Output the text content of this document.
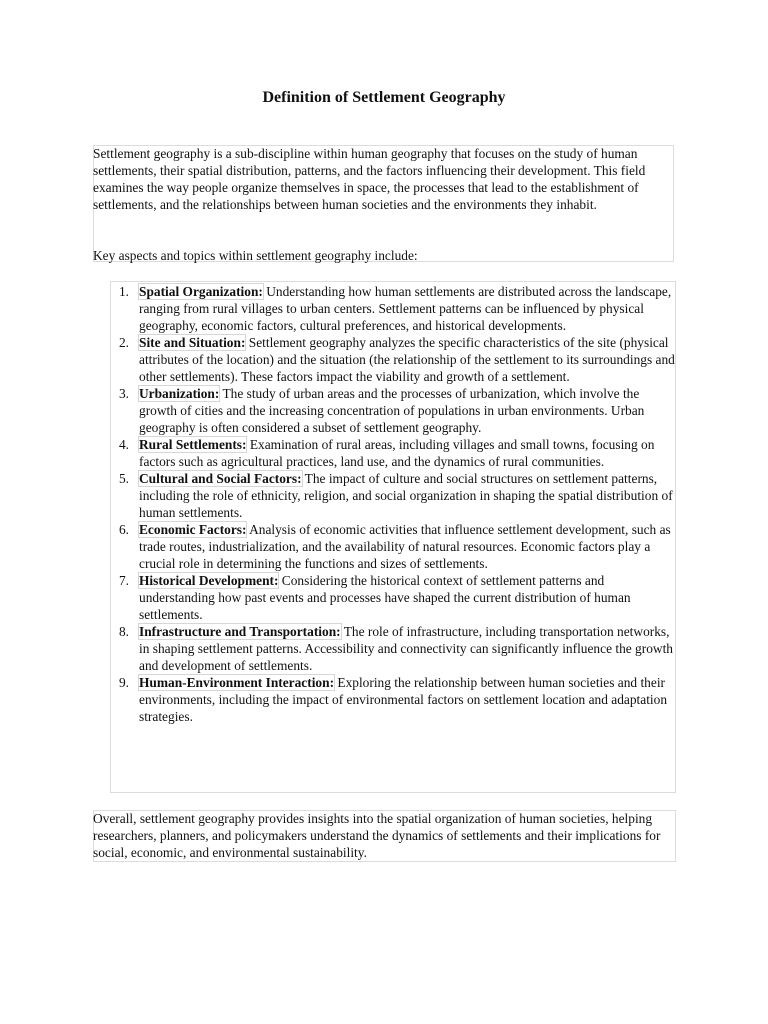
Definition of Settlement Geography

Settlement geography is a sub-discipline within human geography that focuses on the study of human settlements, their spatial distribution, patterns, and the factors influencing their development. This field examines the way people organize themselves in space, the processes that lead to the establishment of settlements, and the relationships between human societies and the environments they inhabit.

Key aspects and topics within settlement geography include:

1. Spatial Organization: Understanding how human settlements are distributed across the landscape, ranging from rural villages to urban centers. Settlement patterns can be influenced by physical geography, economic factors, cultural preferences, and historical developments.
2. Site and Situation: Settlement geography analyzes the specific characteristics of the site (physical attributes of the location) and the situation (the relationship of the settlement to its surroundings and other settlements). These factors impact the viability and growth of a settlement.
3. Urbanization: The study of urban areas and the processes of urbanization, which involve the growth of cities and the increasing concentration of populations in urban environments. Urban geography is often considered a subset of settlement geography.
4. Rural Settlements: Examination of rural areas, including villages and small towns, focusing on factors such as agricultural practices, land use, and the dynamics of rural communities.
5. Cultural and Social Factors: The impact of culture and social structures on settlement patterns, including the role of ethnicity, religion, and social organization in shaping the spatial distribution of human settlements.
6. Economic Factors: Analysis of economic activities that influence settlement development, such as trade routes, industrialization, and the availability of natural resources. Economic factors play a crucial role in determining the functions and sizes of settlements.
7. Historical Development: Considering the historical context of settlement patterns and understanding how past events and processes have shaped the current distribution of human settlements.
8. Infrastructure and Transportation: The role of infrastructure, including transportation networks, in shaping settlement patterns. Accessibility and connectivity can significantly influence the growth and development of settlements.
9. Human-Environment Interaction: Exploring the relationship between human societies and their environments, including the impact of environmental factors on settlement location and adaptation strategies.

Overall, settlement geography provides insights into the spatial organization of human societies, helping researchers, planners, and policymakers understand the dynamics of settlements and their implications for social, economic, and environmental sustainability.
